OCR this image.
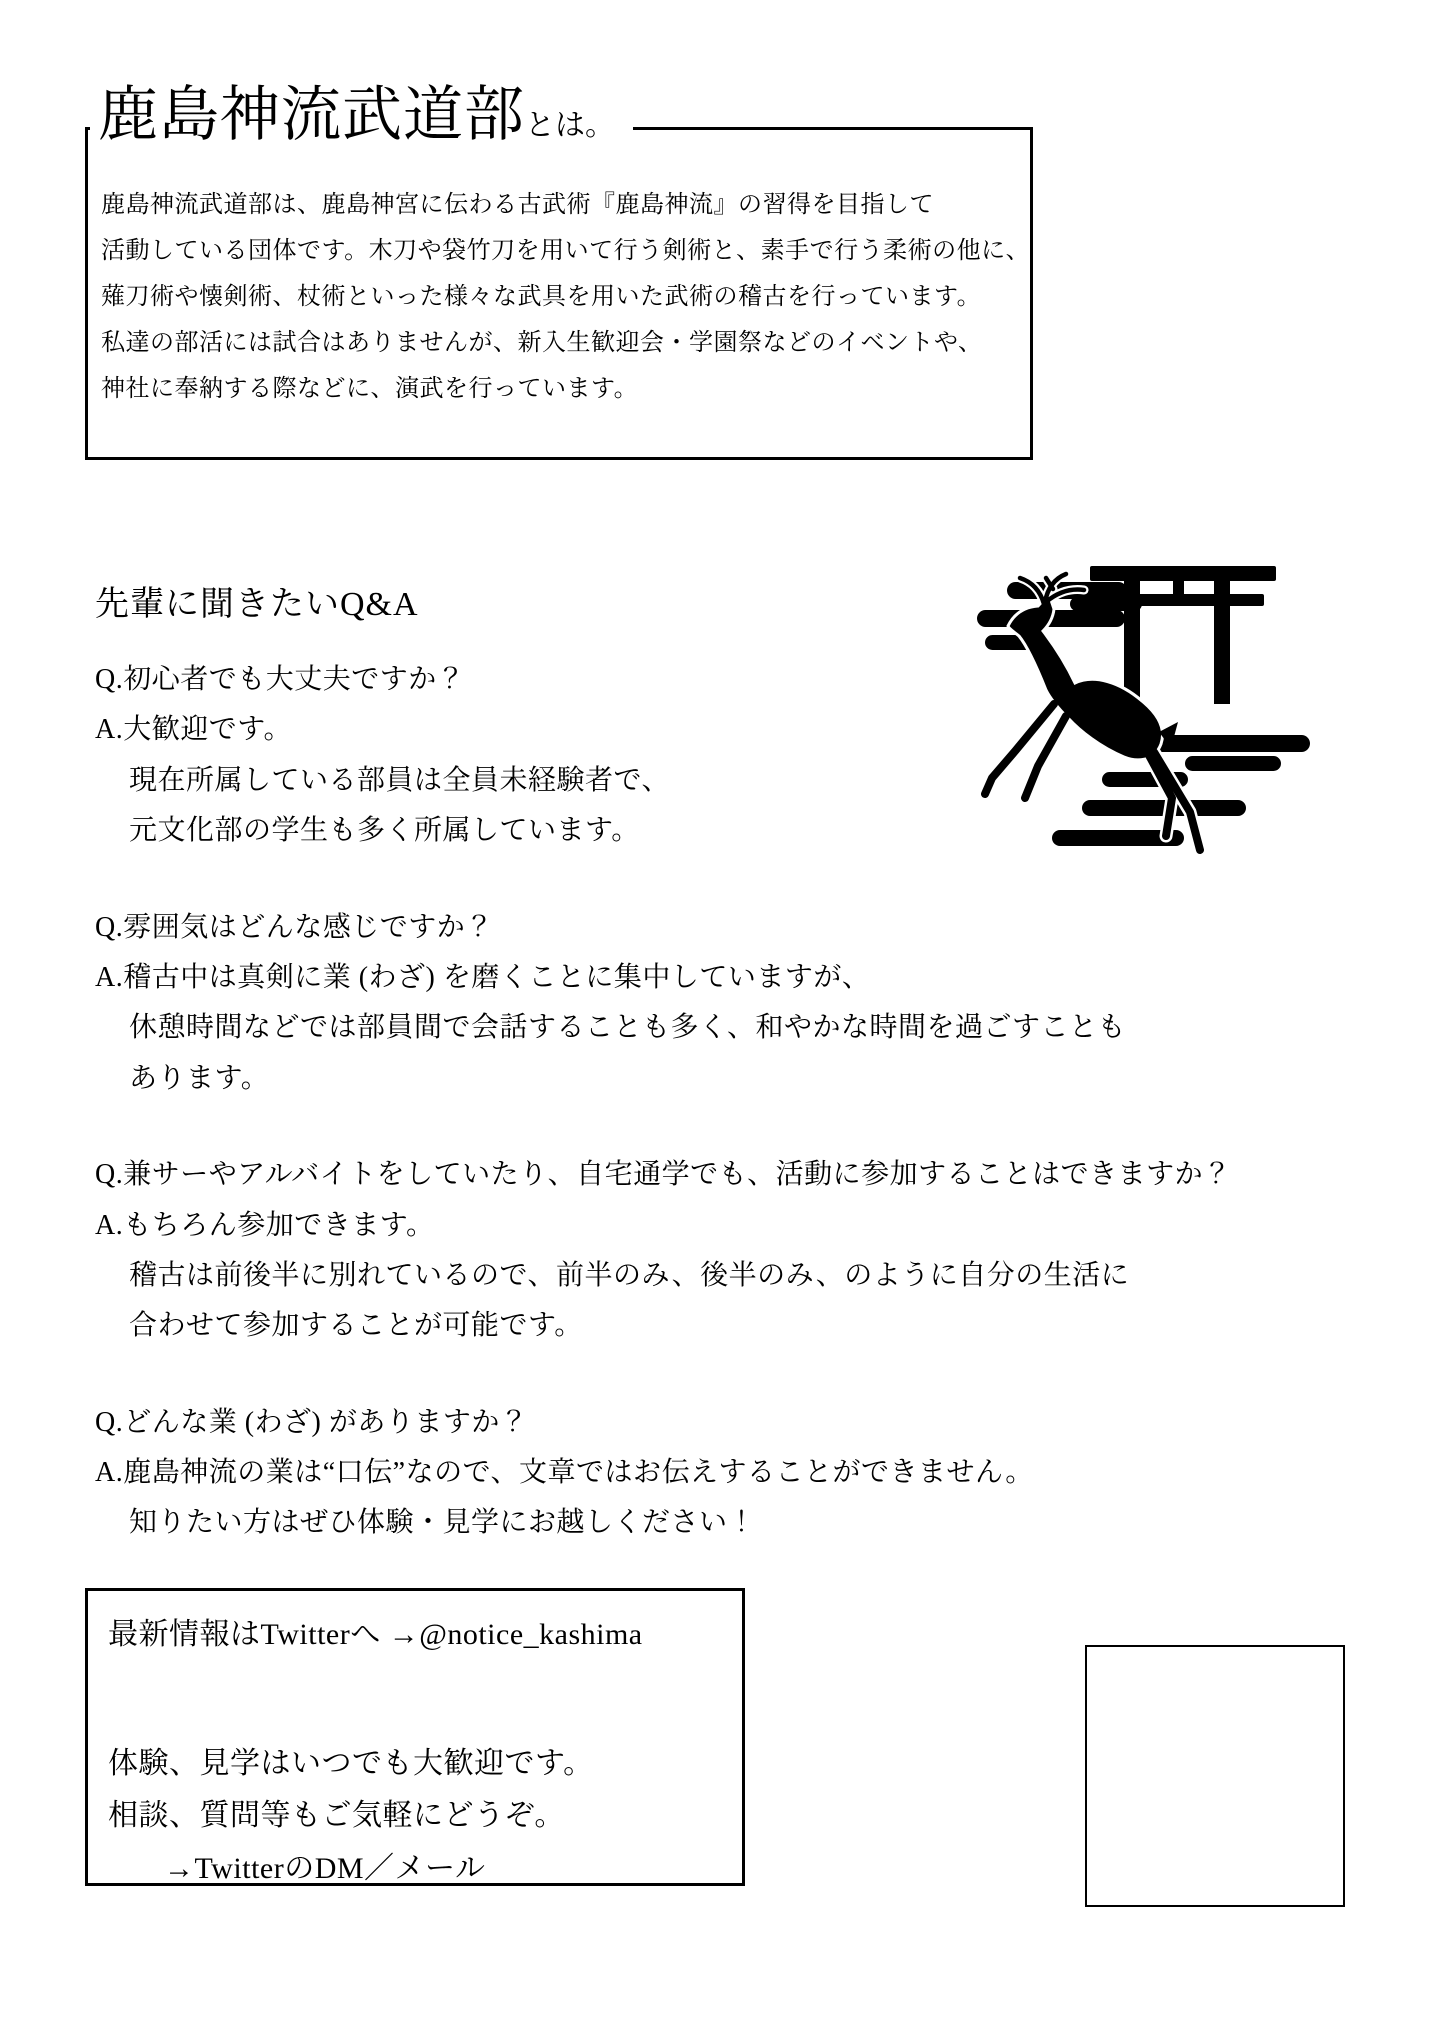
鹿島神流武道部とは。
鹿島神流武道部は、鹿島神宮に伝わる古武術『鹿島神流』の習得を目指して
活動している団体です。木刀や袋竹刀を用いて行う剣術と、素手で行う柔術の他に、
薙刀術や懐剣術、杖術といった様々な武具を用いた武術の稽古を行っています。
私達の部活には試合はありませんが、新入生歓迎会・学園祭などのイベントや、
神社に奉納する際などに、演武を行っています。
先輩に聞きたいQ&A
Q.初心者でも大丈夫ですか？
A.大歓迎です。
現在所属している部員は全員未経験者で、
元文化部の学生も多く所属しています。
Q.雰囲気はどんな感じですか？
A.稽古中は真剣に業 (わざ) を磨くことに集中していますが、
休憩時間などでは部員間で会話することも多く、和やかな時間を過ごすことも
あります。
Q.兼サーやアルバイトをしていたり、自宅通学でも、活動に参加することはできますか？
A.もちろん参加できます。
稽古は前後半に別れているので、前半のみ、後半のみ、のように自分の生活に
合わせて参加することが可能です。
Q.どんな業 (わざ) がありますか？
A.鹿島神流の業は“口伝”なので、文章ではお伝えすることができません。
知りたい方はぜひ体験・見学にお越しください！
最新情報はTwitterへ →@notice_kashima
体験、見学はいつでも大歓迎です。
相談、質問等もご気軽にどうぞ。
→TwitterのDM／メール
